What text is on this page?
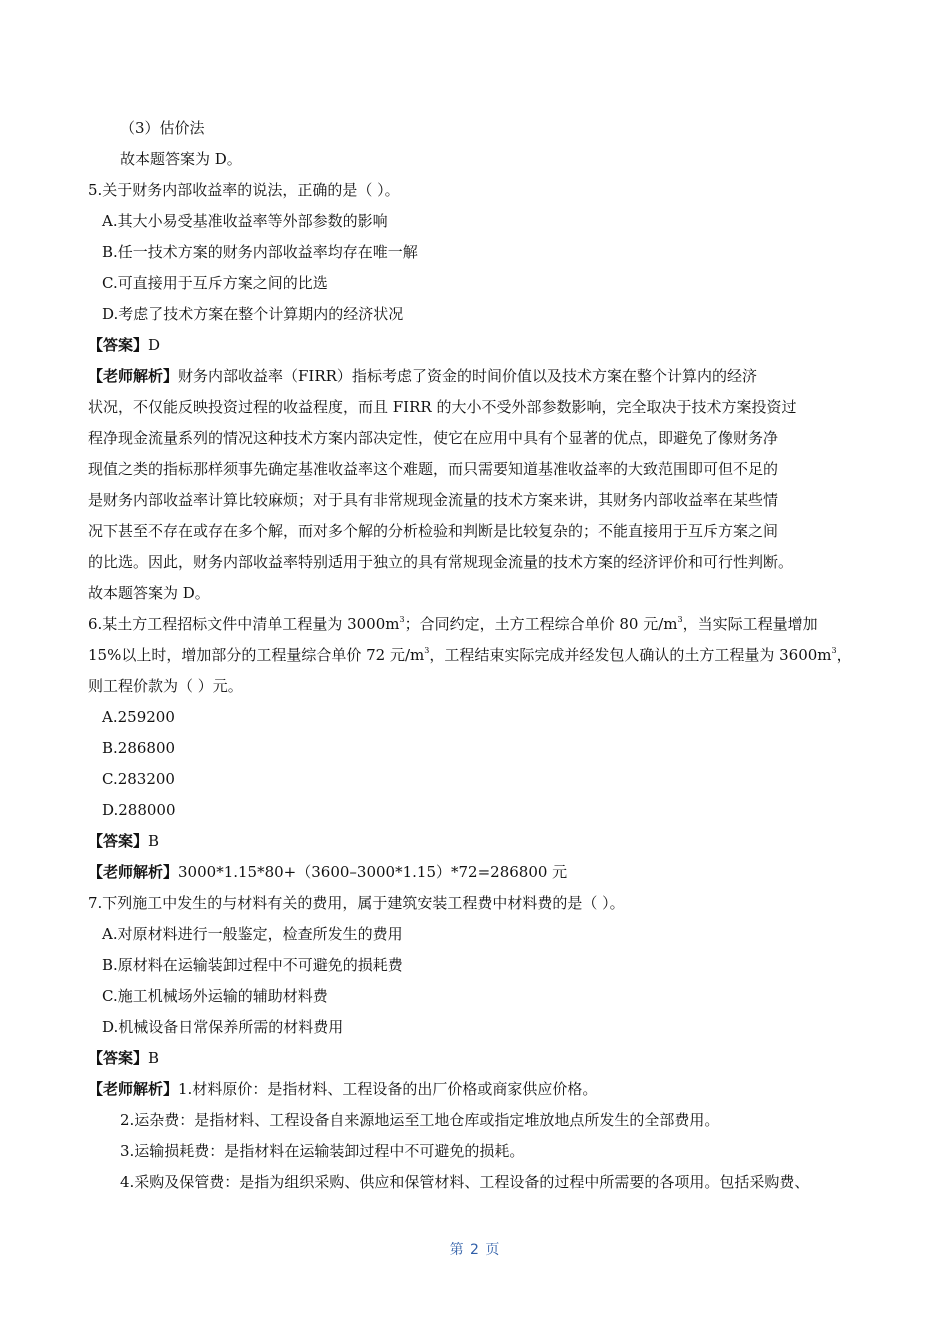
（3）估价法
故本题答案为 D。
5.关于财务内部收益率的说法，正确的是（ ）。
A.其大小易受基准收益率等外部参数的影响
B.任一技术方案的财务内部收益率均存在唯一解
C.可直接用于互斥方案之间的比选
D.考虑了技术方案在整个计算期内的经济状况
【答案】D
【老师解析】财务内部收益率（FIRR）指标考虑了资金的时间价值以及技术方案在整个计算内的经济
状况，不仅能反映投资过程的收益程度，而且 FIRR 的大小不受外部参数影响，完全取决于技术方案投资过
程净现金流量系列的情况这种技术方案内部决定性，使它在应用中具有个显著的优点，即避免了像财务净
现值之类的指标那样须事先确定基准收益率这个难题，而只需要知道基准收益率的大致范围即可但不足的
是财务内部收益率计算比较麻烦；对于具有非常规现金流量的技术方案来讲，其财务内部收益率在某些情
况下甚至不存在或存在多个解，而对多个解的分析检验和判断是比较复杂的；不能直接用于互斥方案之间
的比选。因此，财务内部收益率特别适用于独立的具有常规现金流量的技术方案的经济评价和可行性判断。
故本题答案为 D。
6.某土方工程招标文件中清单工程量为 $3000m^3$；合同约定，土方工程综合单价 80 元$/m^3$，当实际工程量增加
15%以上时，增加部分的工程量综合单价 72 元$/m^3$，工程结束实际完成并经发包人确认的土方工程量为 $3600m^3$，
则工程价款为（ ）元。
A.259200
B.286800
C.283200
D.288000
【答案】B
【老师解析】3000*1.15*80+（3600–3000*1.15）*72=286800 元
7.下列施工中发生的与材料有关的费用，属于建筑安装工程费中材料费的是（ ）。
A.对原材料进行一般鉴定，检查所发生的费用
B.原材料在运输装卸过程中不可避免的损耗费
C.施工机械场外运输的辅助材料费
D.机械设备日常保养所需的材料费用
【答案】B
【老师解析】1.材料原价：是指材料、工程设备的出厂价格或商家供应价格。
2.运杂费：是指材料、工程设备自来源地运至工地仓库或指定堆放地点所发生的全部费用。
3.运输损耗费：是指材料在运输装卸过程中不可避免的损耗。
4.采购及保管费：是指为组织采购、供应和保管材料、工程设备的过程中所需要的各项用。包括采购费、
第 2 页
